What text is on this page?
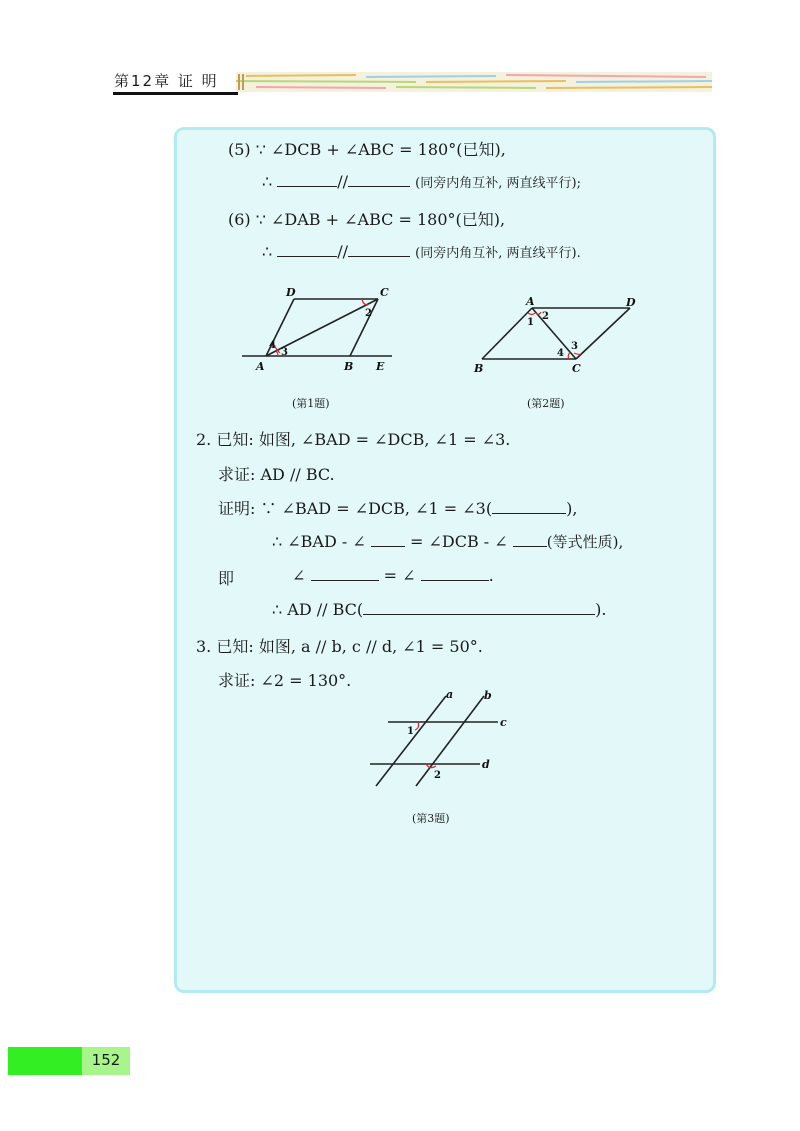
第12章 证 明
(5) ∵ ∠DCB + ∠ABC = 180°(已知),
∴	//	(同旁内角互补, 两直线平行);
(6) ∵ ∠DAB + ∠ABC = 180°(已知),
∴	//	(同旁内角互补, 两直线平行).
D	C
A	B E
2
4
3
(第1题)
A	D
B	C
1
2
3
4
(第2题)
2. 已知: 如图, ∠BAD = ∠DCB, ∠1 = ∠3.
求证: AD // BC.
证明: ∵ ∠BAD = ∠DCB, ∠1 = ∠3(	),
∴ ∠BAD - ∠	= ∠DCB - ∠	(等式性质),
即	∠	= ∠	.
∴ AD // BC(	).
3. 已知: 如图, a // b, c // d, ∠1 = 50°.
求证: ∠2 = 130°.
a	b
c
d
1
2
(第3题)
152
